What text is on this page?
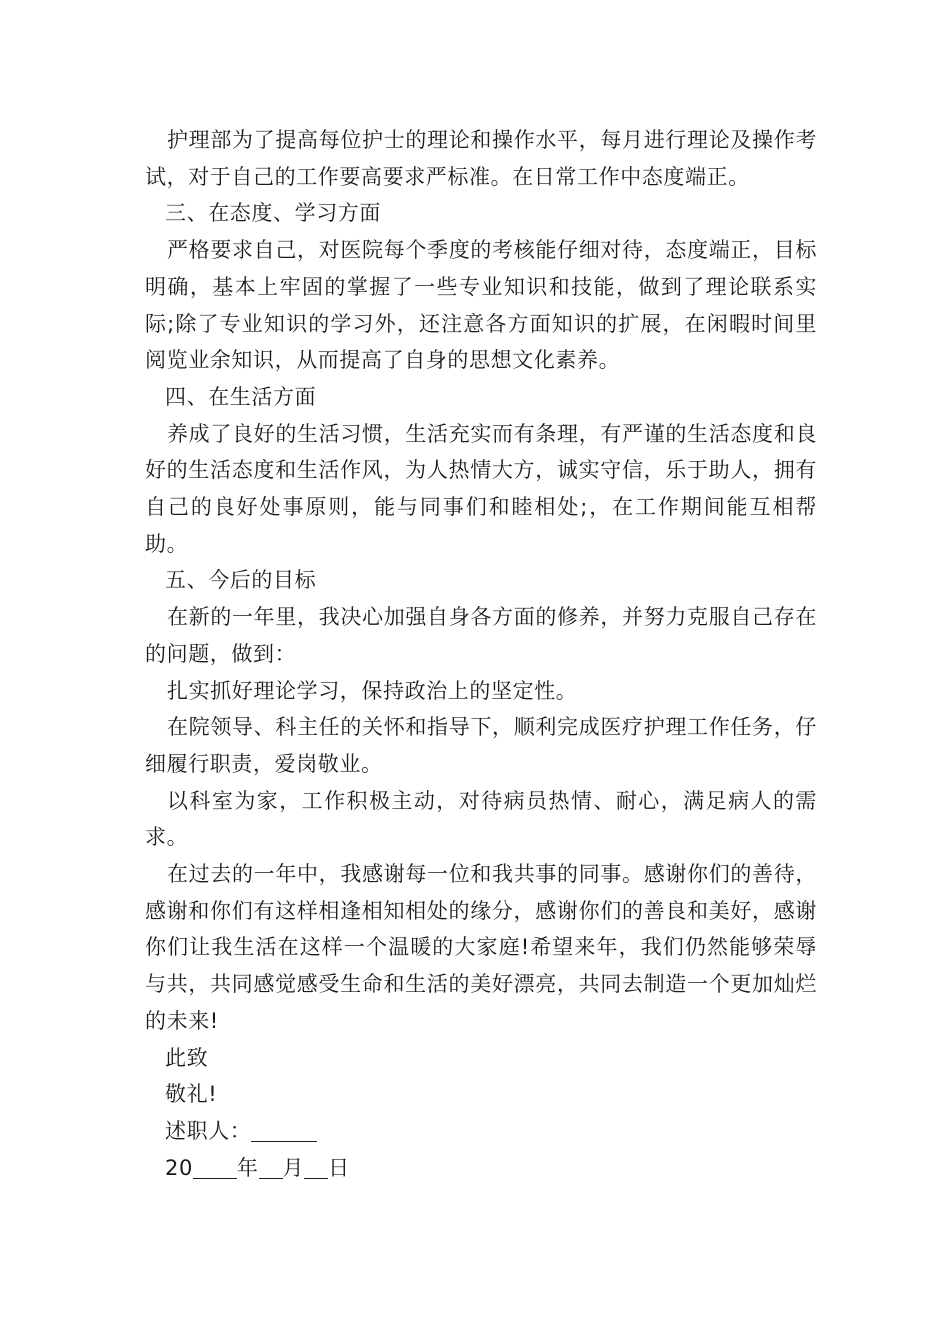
护理部为了提高每位护士的理论和操作水平，每月进行理论及操作考试，对于自己的工作要高要求严标准。在日常工作中态度端正。

三、在态度、学习方面

严格要求自己，对医院每个季度的考核能仔细对待，态度端正，目标明确，基本上牢固的掌握了一些专业知识和技能，做到了理论联系实际;除了专业知识的学习外，还注意各方面知识的扩展，在闲暇时间里阅览业余知识，从而提高了自身的思想文化素养。

四、在生活方面

养成了良好的生活习惯，生活充实而有条理，有严谨的生活态度和良好的生活态度和生活作风，为人热情大方，诚实守信，乐于助人，拥有自己的良好处事原则，能与同事们和睦相处;，在工作期间能互相帮助。

五、今后的目标

在新的一年里，我决心加强自身各方面的修养，并努力克服自己存在的问题，做到：

扎实抓好理论学习，保持政治上的坚定性。

在院领导、科主任的关怀和指导下，顺利完成医疗护理工作任务，仔细履行职责，爱岗敬业。

以科室为家，工作积极主动，对待病员热情、耐心，满足病人的需求。

在过去的一年中，我感谢每一位和我共事的同事。感谢你们的善待，感谢和你们有这样相逢相知相处的缘分，感谢你们的善良和美好，感谢你们让我生活在这样一个温暖的大家庭!希望来年，我们仍然能够荣辱与共，共同感觉感受生命和生活的美好漂亮，共同去制造一个更加灿烂的未来!

此致

敬礼!

述职人：

20 年 月 日
